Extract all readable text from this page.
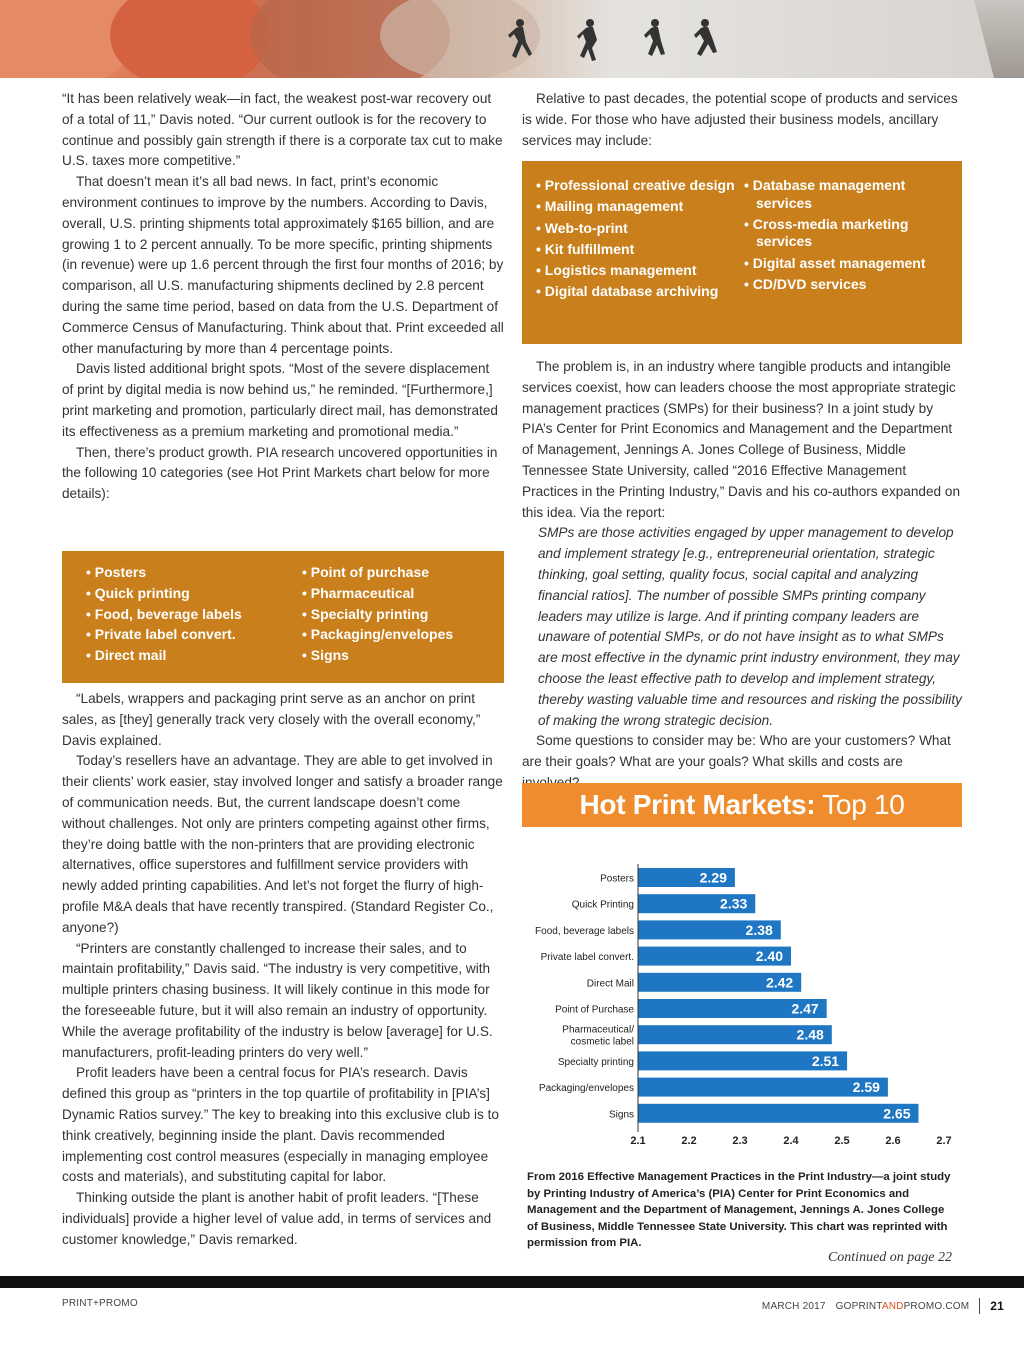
“It has been relatively weak—in fact, the weakest post-war recovery out of a total of 11,” Davis noted. “Our current outlook is for the recovery to continue and possibly gain strength if there is a corporate tax cut to make U.S. taxes more competitive.”

That doesn’t mean it’s all bad news. In fact, print’s economic environment continues to improve by the numbers. According to Davis, overall, U.S. printing shipments total approximately $165 billion, and are growing 1 to 2 percent annually. To be more specific, printing shipments (in revenue) were up 1.6 percent through the first four months of 2016; by comparison, all U.S. manufacturing shipments declined by 2.8 percent during the same time period, based on data from the U.S. Department of Commerce Census of Manufacturing. Think about that. Print exceeded all other manufacturing by more than 4 percentage points.

Davis listed additional bright spots. “Most of the severe displacement of print by digital media is now behind us,” he reminded. “[Furthermore,] print marketing and promotion, particularly direct mail, has demonstrated its effectiveness as a premium marketing and promotional media.”

Then, there’s product growth. PIA research uncovered opportunities in the following 10 categories (see Hot Print Markets chart below for more details):

• Posters
• Quick printing
• Food, beverage labels
• Private label convert.
• Direct mail
• Point of purchase
• Pharmaceutical
• Specialty printing
• Packaging/envelopes
• Signs

“Labels, wrappers and packaging print serve as an anchor on print sales, as [they] generally track very closely with the overall economy,” Davis explained.

Today’s resellers have an advantage. They are able to get involved in their clients’ work easier, stay involved longer and satisfy a broader range of communication needs. But, the current landscape doesn’t come without challenges. Not only are printers competing against other firms, they’re doing battle with the non-printers that are providing electronic alternatives, office superstores and fulfillment service providers with newly added printing capabilities. And let’s not forget the flurry of high-profile M&A deals that have recently transpired. (Standard Register Co., anyone?)

“Printers are constantly challenged to increase their sales, and to maintain profitability,” Davis said. “The industry is very competitive, with multiple printers chasing business. It will likely continue in this mode for the foreseeable future, but it will also remain an industry of opportunity. While the average profitability of the industry is below [average] for U.S. manufacturers, profit-leading printers do very well.”

Profit leaders have been a central focus for PIA’s research. Davis defined this group as “printers in the top quartile of profitability in [PIA’s] Dynamic Ratios survey.” The key to breaking into this exclusive club is to think creatively, beginning inside the plant. Davis recommended implementing cost control measures (especially in managing employee costs and materials), and substituting capital for labor.

Thinking outside the plant is another habit of profit leaders. “[These individuals] provide a higher level of value add, in terms of services and customer knowledge,” Davis remarked.

Relative to past decades, the potential scope of products and services is wide. For those who have adjusted their business models, ancillary services may include:

• Professional creative design
• Mailing management
• Web-to-print
• Kit fulfillment
• Logistics management
• Digital database archiving
• Database management services
• Cross-media marketing services
• Digital asset management
• CD/DVD services

The problem is, in an industry where tangible products and intangible services coexist, how can leaders choose the most appropriate strategic management practices (SMPs) for their business? In a joint study by PIA’s Center for Print Economics and Management and the Department of Management, Jennings A. Jones College of Business, Middle Tennessee State University, called “2016 Effective Management Practices in the Printing Industry,” Davis and his co-authors expanded on this idea. Via the report:

SMPs are those activities engaged by upper management to develop and implement strategy [e.g., entrepreneurial orientation, strategic thinking, goal setting, quality focus, social capital and analyzing financial ratios]. The number of possible SMPs printing company leaders may utilize is large. And if printing company leaders are unaware of potential SMPs, or do not have insight as to what SMPs are most effective in the dynamic print industry environment, they may choose the least effective path to develop and implement strategy, thereby wasting valuable time and resources and risking the possibility of making the wrong strategic decision.

Some questions to consider may be: Who are your customers? What are their goals? What are your goals? What skills and costs are

Hot Print Markets: Top 10
Posters	2.29
Quick Printing	2.33
Food, beverage labels	2.38
Private label convert.	2.40
Direct Mail	2.42
Point of Purchase	2.47
Pharmaceutical/ cosmetic label	2.48
Specialty printing	2.51
Packaging/envelopes	2.59
Signs	2.65
2.1	2.2	2.3	2.4	2.5	2.6	2.7
From 2016 Effective Management Practices in the Print Industry—a joint study by Printing Industry of America’s (PIA) Center for Print Economics and Management and the Department of Management, Jennings A. Jones College of Business, Middle Tennessee State University. This chart was reprinted with permission from PIA.
Continued on page 22
PRINT+PROMO	MARCH 2017 GOPRINTANDPROMO.COM 21
